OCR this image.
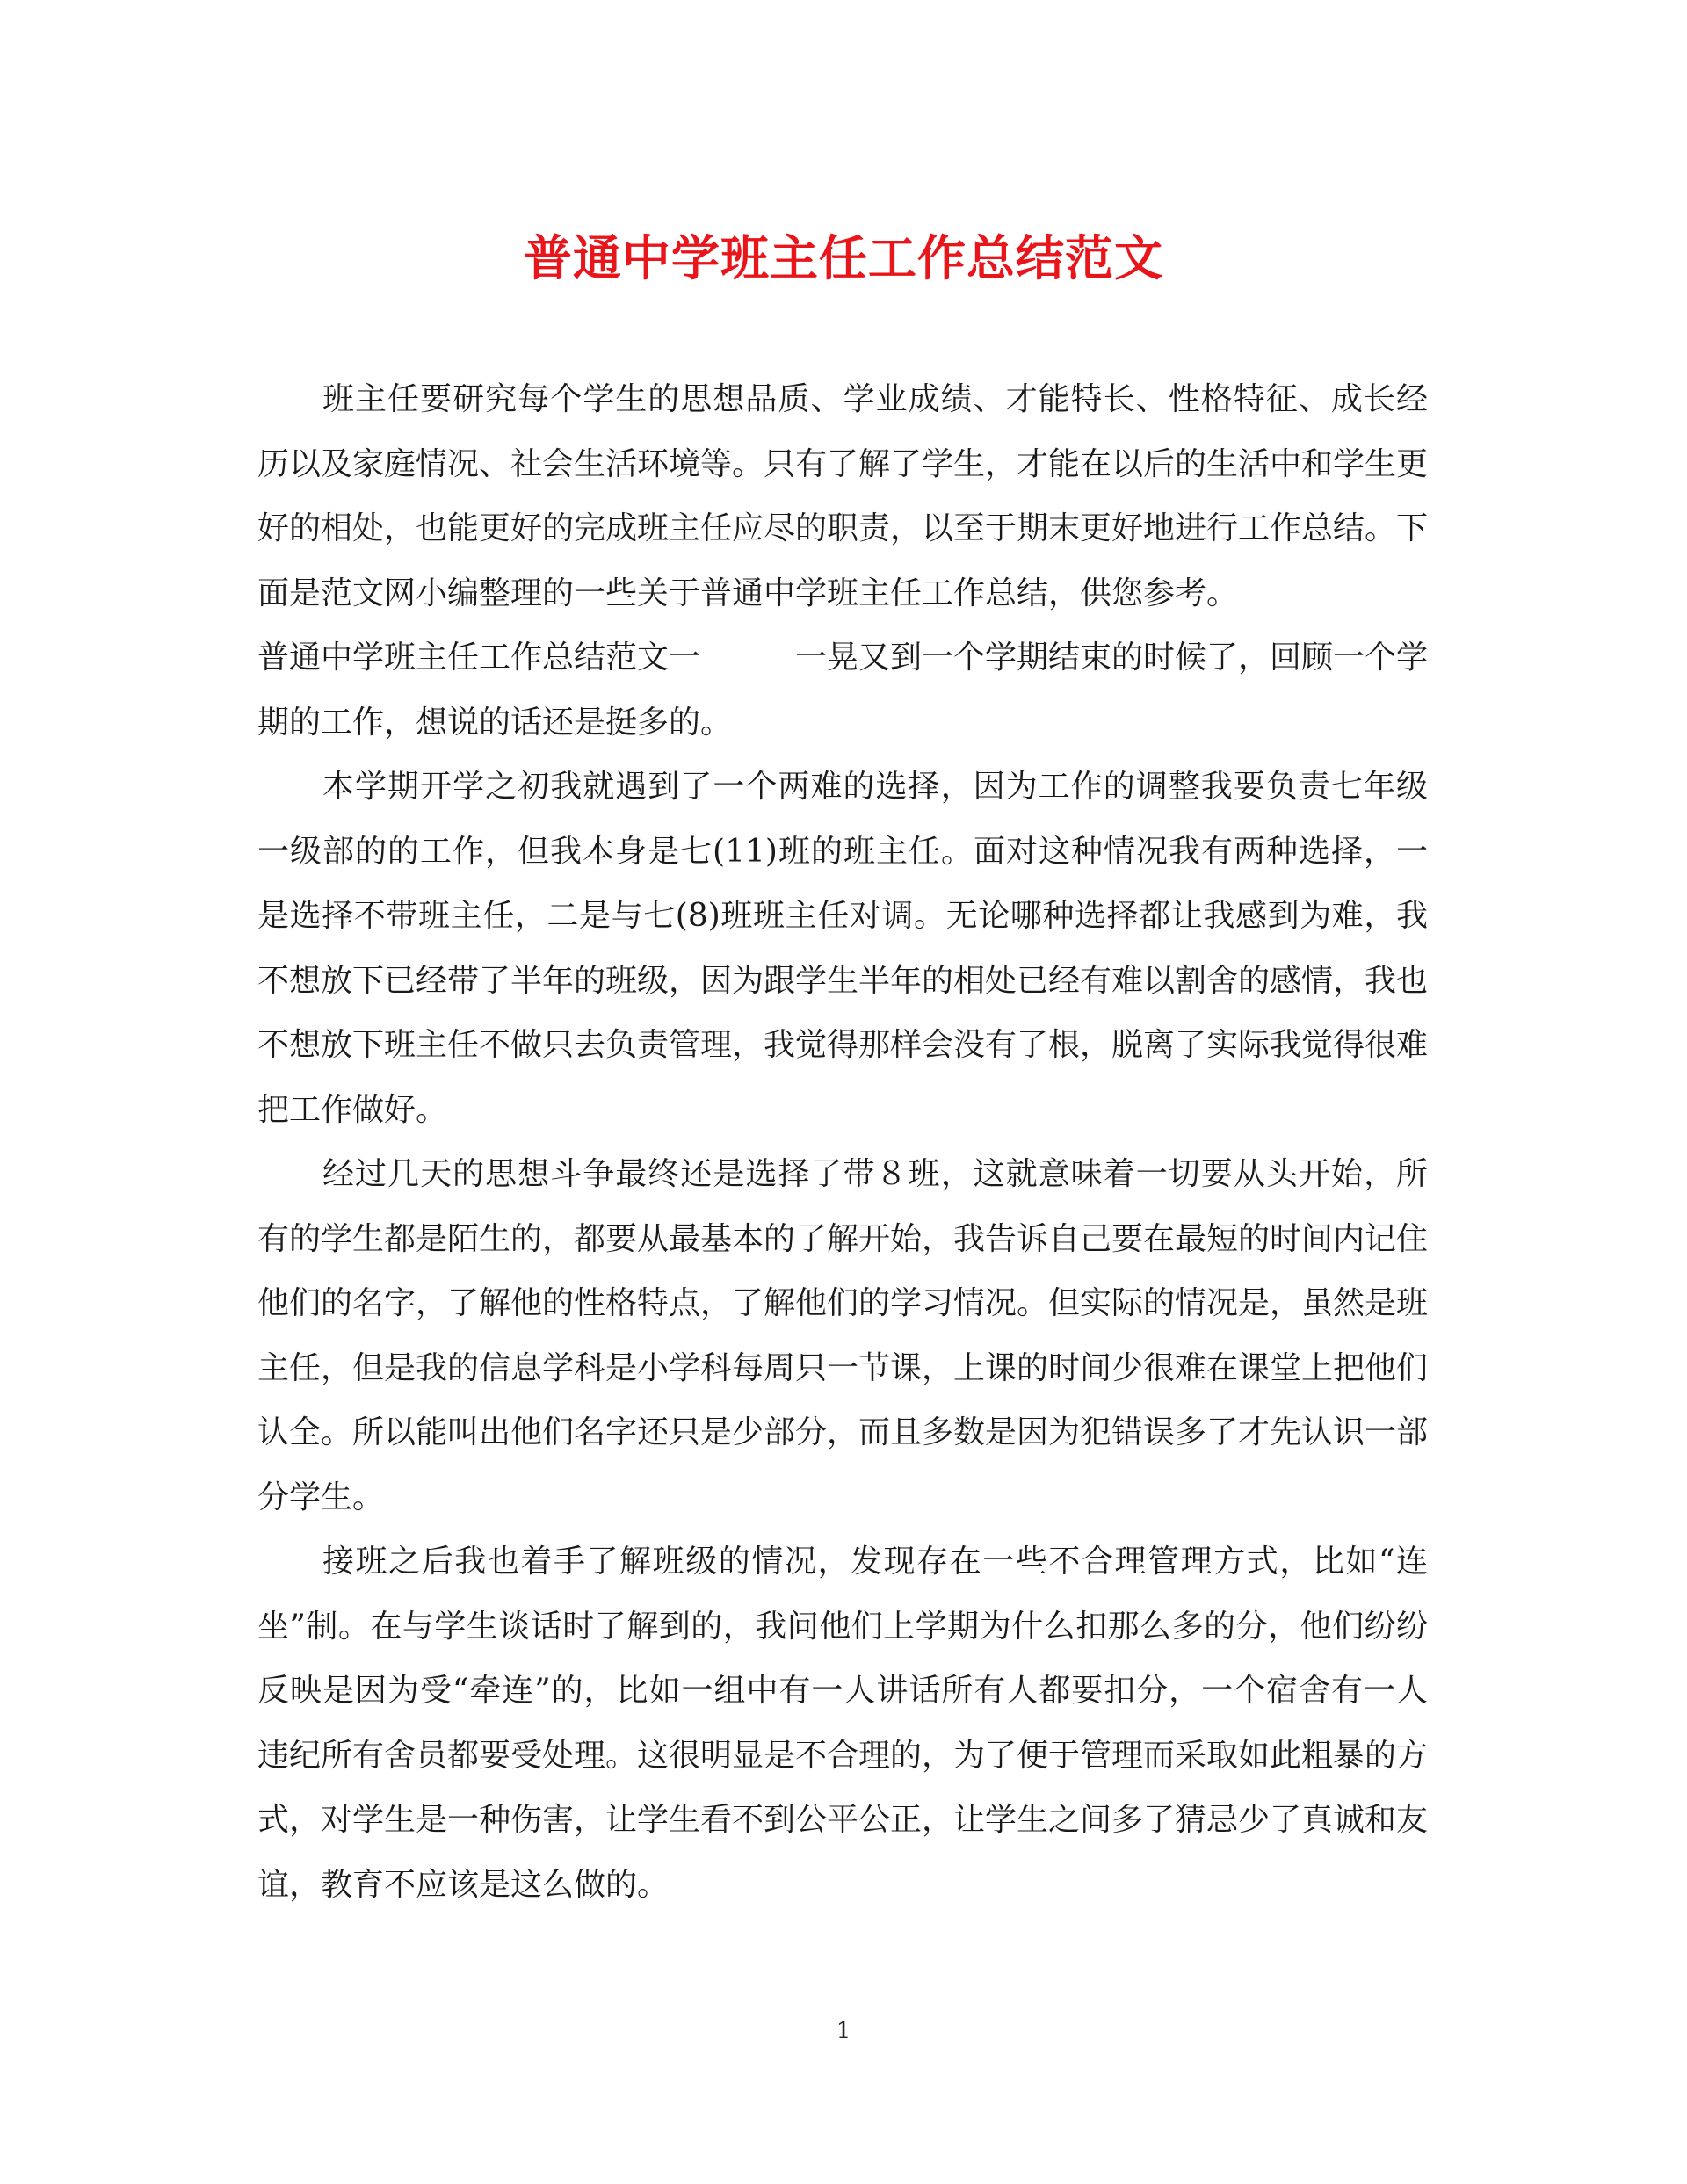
普通中学班主任工作总结范文

班主任要研究每个学生的思想品质、学业成绩、才能特长、性格特征、成长经历以及家庭情况、社会生活环境等。只有了解了学生，才能在以后的生活中和学生更好的相处，也能更好的完成班主任应尽的职责，以至于期末更好地进行工作总结。下面是范文网小编整理的一些关于普通中学班主任工作总结，供您参考。

普通中学班主任工作总结范文一　　　一晃又到一个学期结束的时候了，回顾一个学期的工作，想说的话还是挺多的。

本学期开学之初我就遇到了一个两难的选择，因为工作的调整我要负责七年级一级部的的工作，但我本身是七(11)班的班主任。面对这种情况我有两种选择，一是选择不带班主任，二是与七(8)班班主任对调。无论哪种选择都让我感到为难，我不想放下已经带了半年的班级，因为跟学生半年的相处已经有难以割舍的感情，我也不想放下班主任不做只去负责管理，我觉得那样会没有了根，脱离了实际我觉得很难把工作做好。

经过几天的思想斗争最终还是选择了带８班，这就意味着一切要从头开始，所有的学生都是陌生的，都要从最基本的了解开始，我告诉自己要在最短的时间内记住他们的名字，了解他的性格特点，了解他们的学习情况。但实际的情况是，虽然是班主任，但是我的信息学科是小学科每周只一节课，上课的时间少很难在课堂上把他们认全。所以能叫出他们名字还只是少部分，而且多数是因为犯错误多了才先认识一部分学生。

接班之后我也着手了解班级的情况，发现存在一些不合理管理方式，比如“连坐”制。在与学生谈话时了解到的，我问他们上学期为什么扣那么多的分，他们纷纷反映是因为受“牵连”的，比如一组中有一人讲话所有人都要扣分，一个宿舍有一人违纪所有舍员都要受处理。这很明显是不合理的，为了便于管理而采取如此粗暴的方式，对学生是一种伤害，让学生看不到公平公正，让学生之间多了猜忌少了真诚和友谊，教育不应该是这么做的。

1
